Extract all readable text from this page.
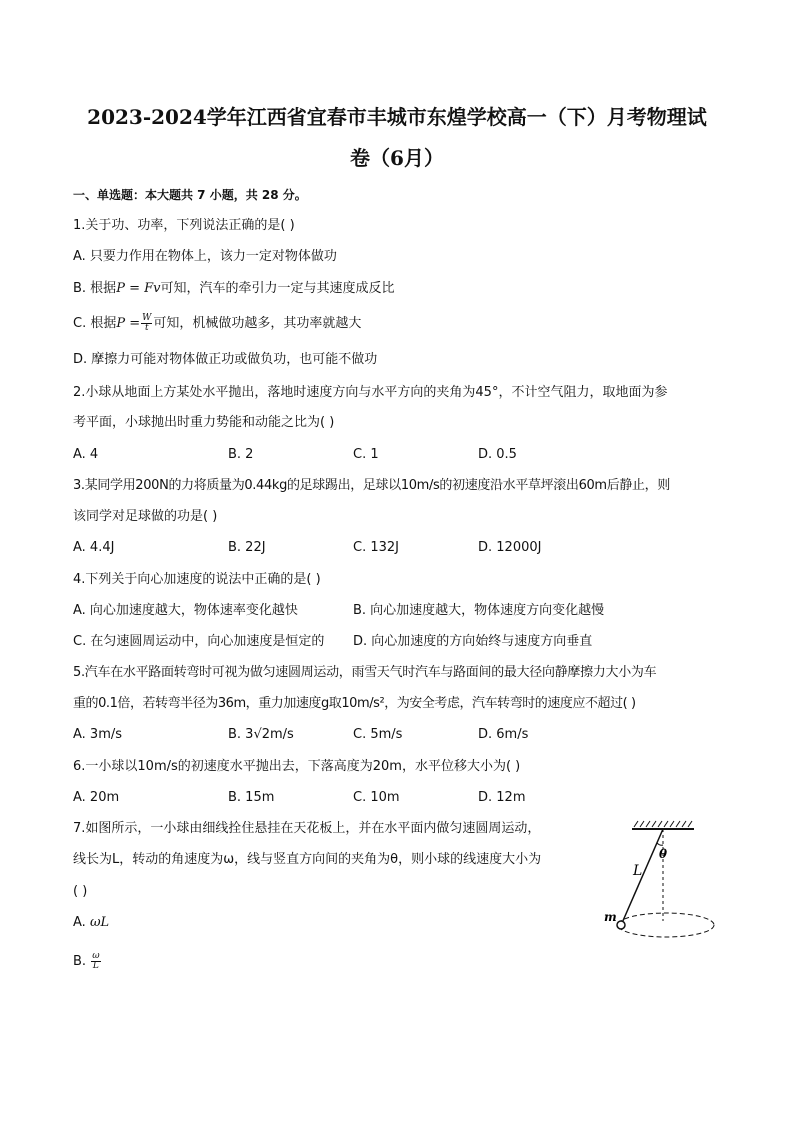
2023-2024学年江西省宜春市丰城市东煌学校高一（下）月考物理试
卷（6月）
一、单选题：本大题共 7 小题，共 28 分。
1.关于功、功率，下列说法正确的是( )
A. 只要力作用在物体上，该力一定对物体做功
B. 根据P = Fv可知，汽车的牵引力一定与其速度成反比
C. 根据$P = \frac{W}{t}$ 可知，机械做功越多，其功率就越大
D. 摩擦力可能对物体做正功或做负功，也可能不做功
2.小球从地面上方某处水平抛出，落地时速度方向与水平方向的夹角为45°，不计空气阻力，取地面为参
考平面，小球抛出时重力势能和动能之比为( )
A. 4	B. 2	C. 1	D. 0.5
3.某同学用200N的力将质量为0.44kg的足球踢出，足球以10m/s的初速度沿水平草坪滚出60m后静止，则
该同学对足球做的功是( )
A. 4.4J	B. 22J	C. 132J	D. 12000J
4.下列关于向心加速度的说法中正确的是( )
A. 向心加速度越大，物体速率变化越快	B. 向心加速度越大，物体速度方向变化越慢
C. 在匀速圆周运动中，向心加速度是恒定的 D. 向心加速度的方向始终与速度方向垂直
5.汽车在水平路面转弯时可视为做匀速圆周运动，雨雪天气时汽车与路面间的最大径向静摩擦力大小为车
重的0.1倍，若转弯半径为36m，重力加速度g取10m/s²，为安全考虑，汽车转弯时的速度应不超过( )
A. 3m/s	B. 3√2m/s	C. 5m/s	D. 6m/s
6.一小球以10m/s的初速度水平抛出去，下落高度为20m，水平位移大小为( )
A. 20m	B. 15m	C. 10m	D. 12m
7.如图所示，一小球由细线拴住悬挂在天花板上，并在水平面内做匀速圆周运动，
线长为L，转动的角速度为ω，线与竖直方向间的夹角为θ，则小球的线速度大小为
( )
A. ωL
B. $\frac{\omega}{L}$
θ
L
m
